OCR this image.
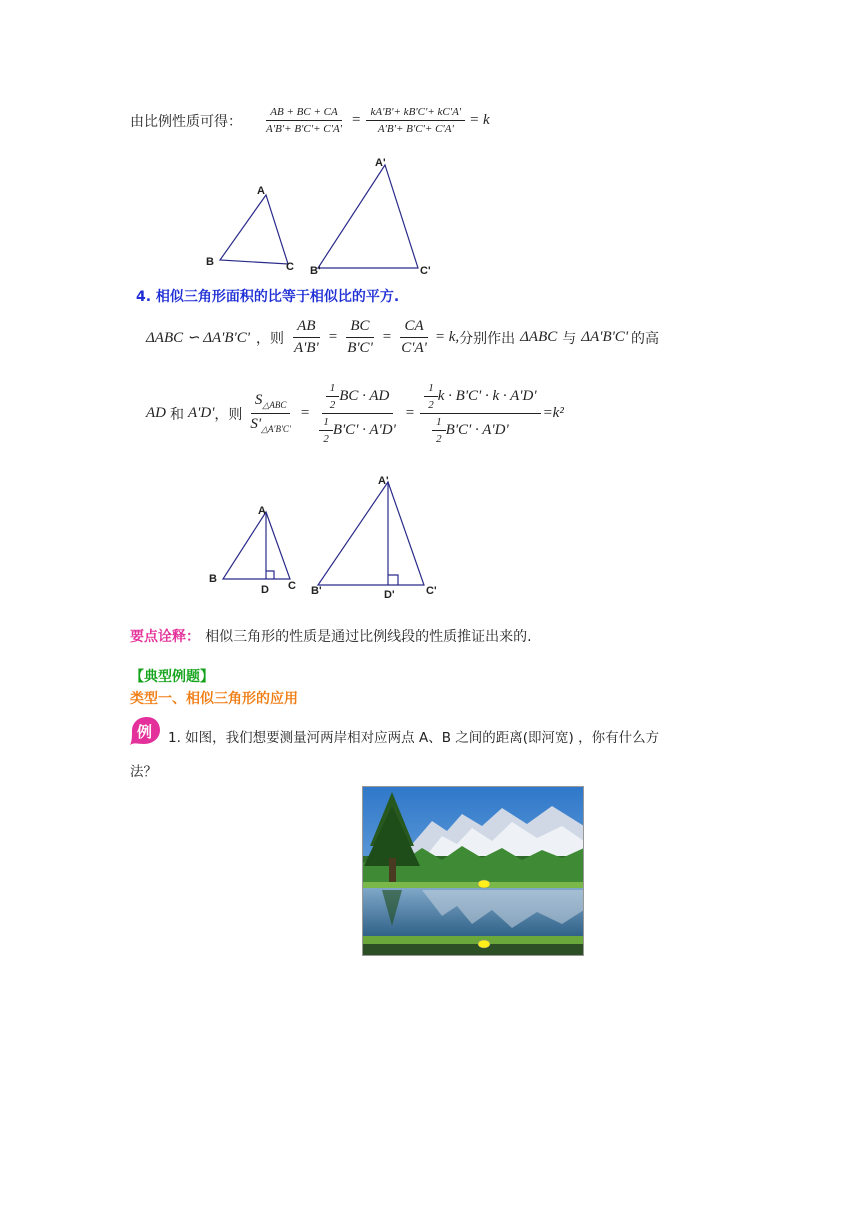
由比例性质可得： $\frac{AB + BC + CA}{A'B'+ B'C'+ C'A'} = \frac{kA'B'+ kB'C'+ kC'A'}{A'B'+ B'C'+ C'A'} = k$
A
B	C
A'
B'	C'
4. 相似三角形面积的比等于相似比的平方.
ΔABC ∽ ΔA'B'C' ，则 $\frac{AB}{A'B'} = \frac{BC}{B'C'} = \frac{CA}{C'A'} = k$, 分别作出 ΔABC 与 ΔA'B'C' 的高
AD 和 A'D' ，则 $\frac{S_{\triangle ABC}}{S'_{\triangle A'B'C'}} = \frac{\frac{1}{2} BC \cdot AD}{\frac{1}{2} B'C' \cdot A'D'} = \frac{\frac{1}{2} k \cdot B'C' \cdot k \cdot A'D'}{\frac{1}{2} B'C' \cdot A'D'} =k^2$
A
B
C
D
A'
B'	C'
D'
要点诠释： 相似三角形的性质是通过比例线段的性质推证出来的.
【典型例题】
类型一、相似三角形的应用
例 1. 如图，我们想要测量河两岸相对应两点 A、B 之间的距离(即河宽) ，你有什么方
法？
